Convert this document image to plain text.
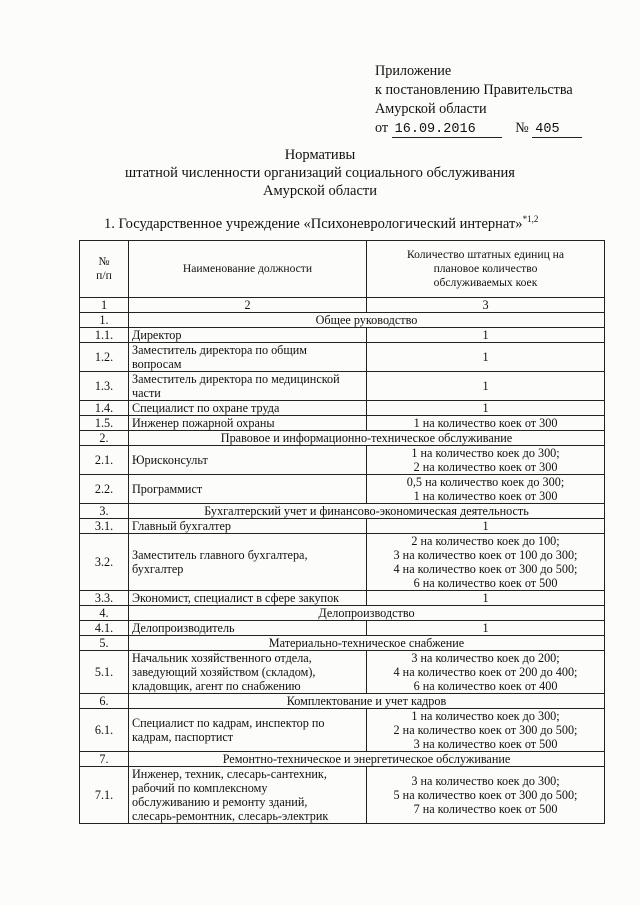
Приложение
к постановлению Правительства
Амурской области
от 16.09.2016	№ 405
Нормативы
штатной численности организаций социального обслуживания
Амурской области
1. Государственное учреждение «Психоневрологический интернат»$^{*1,2}$
№
п/п	Наименование должности	Количество штатных единиц на
плановое количество
обслуживаемых коек

1	2	3
1.	Общее руководство	
1.1.	Директор	1

1.2.	Заместитель директора по общим
вопросам	1

1.3.	Заместитель директора по медицинской
части	1

1.4.	Специалист по охране труда	1

1.5.	Инженер пожарной охраны	1 на количество коек от 300

2.	Правовое и информационно-техническое обслуживание	
2.1.	Юрисконсульт	1 на количество коек до 300;
2 на количество коек от 300

2.2.	Программист	0,5 на количество коек до 300;
1 на количество коек от 300

3.	Бухгалтерский учет и финансово-экономическая деятельность	
3.1.	Главный бухгалтер	1

3.2.	Заместитель главного бухгалтера,
бухгалтер	2 на количество коек до 100;
3 на количество коек от 100 до 300;
4 на количество коек от 300 до 500;
6 на количество коек от 500

3.3.	Экономист, специалист в сфере закупок	1

4.	Делопроизводство	
4.1.	Делопроизводитель	1

5.	Материально-техническое снабжение	
5.1.	Начальник хозяйственного отдела,
заведующий хозяйством (складом),
кладовщик, агент по снабжению	3 на количество коек до 200;
4 на количество коек от 200 до 400;
6 на количество коек от 400

6.	Комплектование и учет кадров	
6.1.	Специалист по кадрам, инспектор по
кадрам, паспортист	1 на количество коек до 300;
2 на количество коек от 300 до 500;
3 на количество коек от 500

7.	Ремонтно-техническое и энергетическое обслуживание	
7.1.	Инженер, техник, слесарь-сантехник,
рабочий по комплексному
обслуживанию и ремонту зданий,
слесарь-ремонтник, слесарь-электрик	3 на количество коек до 300;
5 на количество коек от 300 до 500;
7 на количество коек от 500
